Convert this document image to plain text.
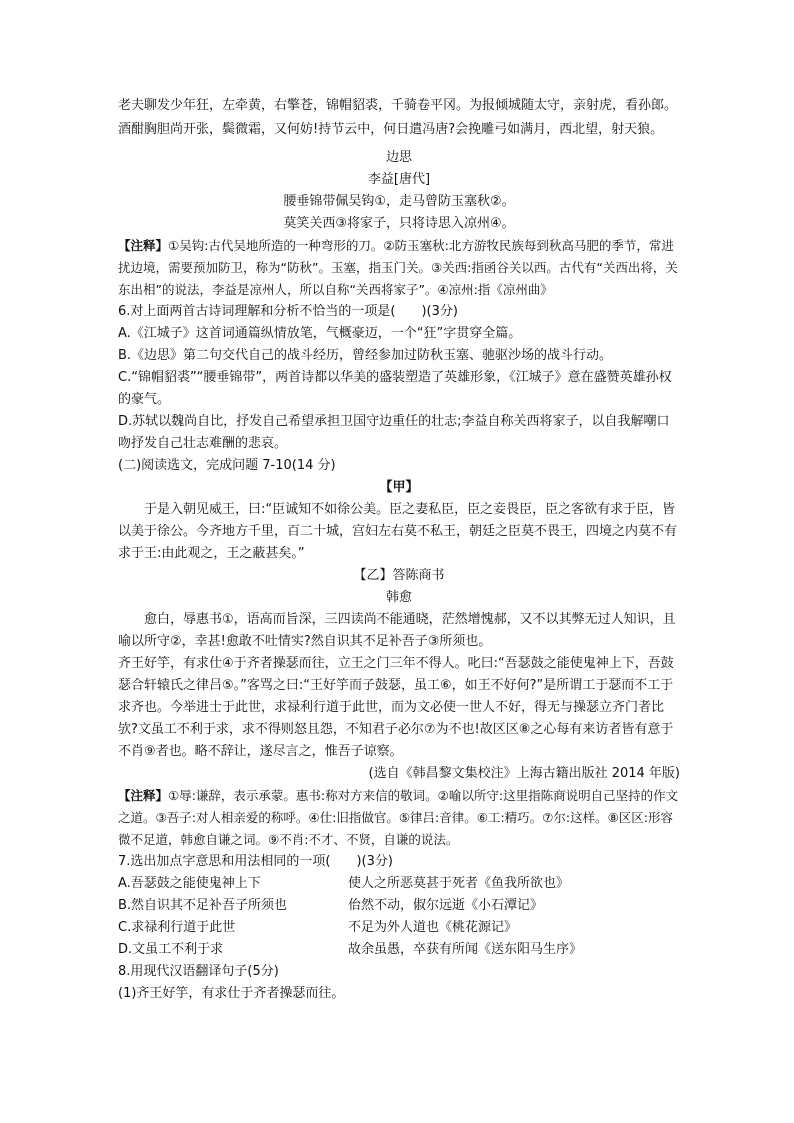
老夫聊发少年狂，左牵黄，右擎苍，锦帽貂裘，千骑卷平冈。为报倾城随太守，亲射虎，看孙郎。

酒酣胸胆尚开张，鬓微霜，又何妨!持节云中，何日遣冯唐?会挽雕弓如满月，西北望，射天狼。

边思

李益[唐代]

腰垂锦带佩吴钩①，走马曾防玉塞秋②。

莫笑关西③将家子，只将诗思入凉州④。

【注释】①吴钩:古代吴地所造的一种弯形的刀。②防玉塞秋:北方游牧民族每到秋高马肥的季节，常进扰边境，需要预加防卫，称为“防秋”。玉塞，指玉门关。③关西:指函谷关以西。古代有“关西出将，关东出相”的说法，李益是凉州人，所以自称“关西将家子”。④凉州:指《凉州曲》

6.对上面两首古诗词理解和分析不恰当的一项是(　　)(3分)

A.《江城子》这首词通篇纵情放笔，气概豪迈，一个“狂”字贯穿全篇。

B.《边思》第二句交代自己的战斗经历，曾经参加过防秋玉塞、驰驱沙场的战斗行动。

C.“锦帽貂裘”“腰垂锦带”，两首诗都以华美的盛装塑造了英雄形象，《江城子》意在盛赞英雄孙权的豪气。

D.苏轼以魏尚自比，抒发自己希望承担卫国守边重任的壮志;李益自称关西将家子，以自我解嘲口吻抒发自己壮志难酬的悲哀。

(二)阅读选文，完成问题 7-10(14 分)

【甲】

于是入朝见威王，曰:“臣诚知不如徐公美。臣之妻私臣，臣之妾畏臣，臣之客欲有求于臣，皆以美于徐公。今齐地方千里，百二十城，宫妇左右莫不私王，朝廷之臣莫不畏王，四境之内莫不有求于王:由此观之，王之蔽甚矣。”

【乙】答陈商书

韩愈

愈白，辱惠书①，语高而旨深，三四读尚不能通晓，茫然增愧郝，又不以其弊无过人知识，且喻以所守②，幸甚!愈敢不吐情实?然自识其不足补吾子③所须也。

齐王好竽，有求仕④于齐者操瑟而往，立王之门三年不得人。叱曰:“吾瑟鼓之能使鬼神上下，吾鼓瑟合轩辕氏之律吕⑤。”客骂之曰:“王好竽而子鼓瑟，虽工⑥，如王不好何?”是所谓工于瑟而不工于求齐也。今举进士于此世，求禄利行道于此世，而为文必使一世人不好，得无与操瑟立齐门者比欤?文虽工不利于求，求不得则怒且怨，不知君子必尔⑦为不也!故区区⑧之心每有来访者皆有意于不肖⑨者也。略不辞让，遂尽言之，惟吾子谅察。

(选自《韩昌黎文集校注》上海古籍出版社 2014 年版)

【注释】①辱:谦辞，表示承蒙。惠书:称对方来信的敬词。②喻以所守:这里指陈商说明自己坚持的作文之道。③吾子:对人相亲爱的称呼。④仕:旧指做官。⑤律吕:音律。⑥工:精巧。⑦尔:这样。⑧区区:形容微不足道，韩愈自谦之词。⑨不肖:不才、不贤，自谦的说法。

7.选出加点字意思和用法相同的一项(　　)(3分)

A.吾瑟鼓之能使鬼神上下	使人之所恶莫甚于死者《鱼我所欲也》
B.然自识其不足补吾子所须也	佁然不动，俶尔远逝《小石潭记》
C.求禄利行道于此世	不足为外人道也《桃花源记》
D.文虽工不利于求	故余虽愚，卒获有所闻《送东阳马生序》

8.用现代汉语翻译句子(5分)

(1)齐王好竽，有求仕于齐者操瑟而往。
